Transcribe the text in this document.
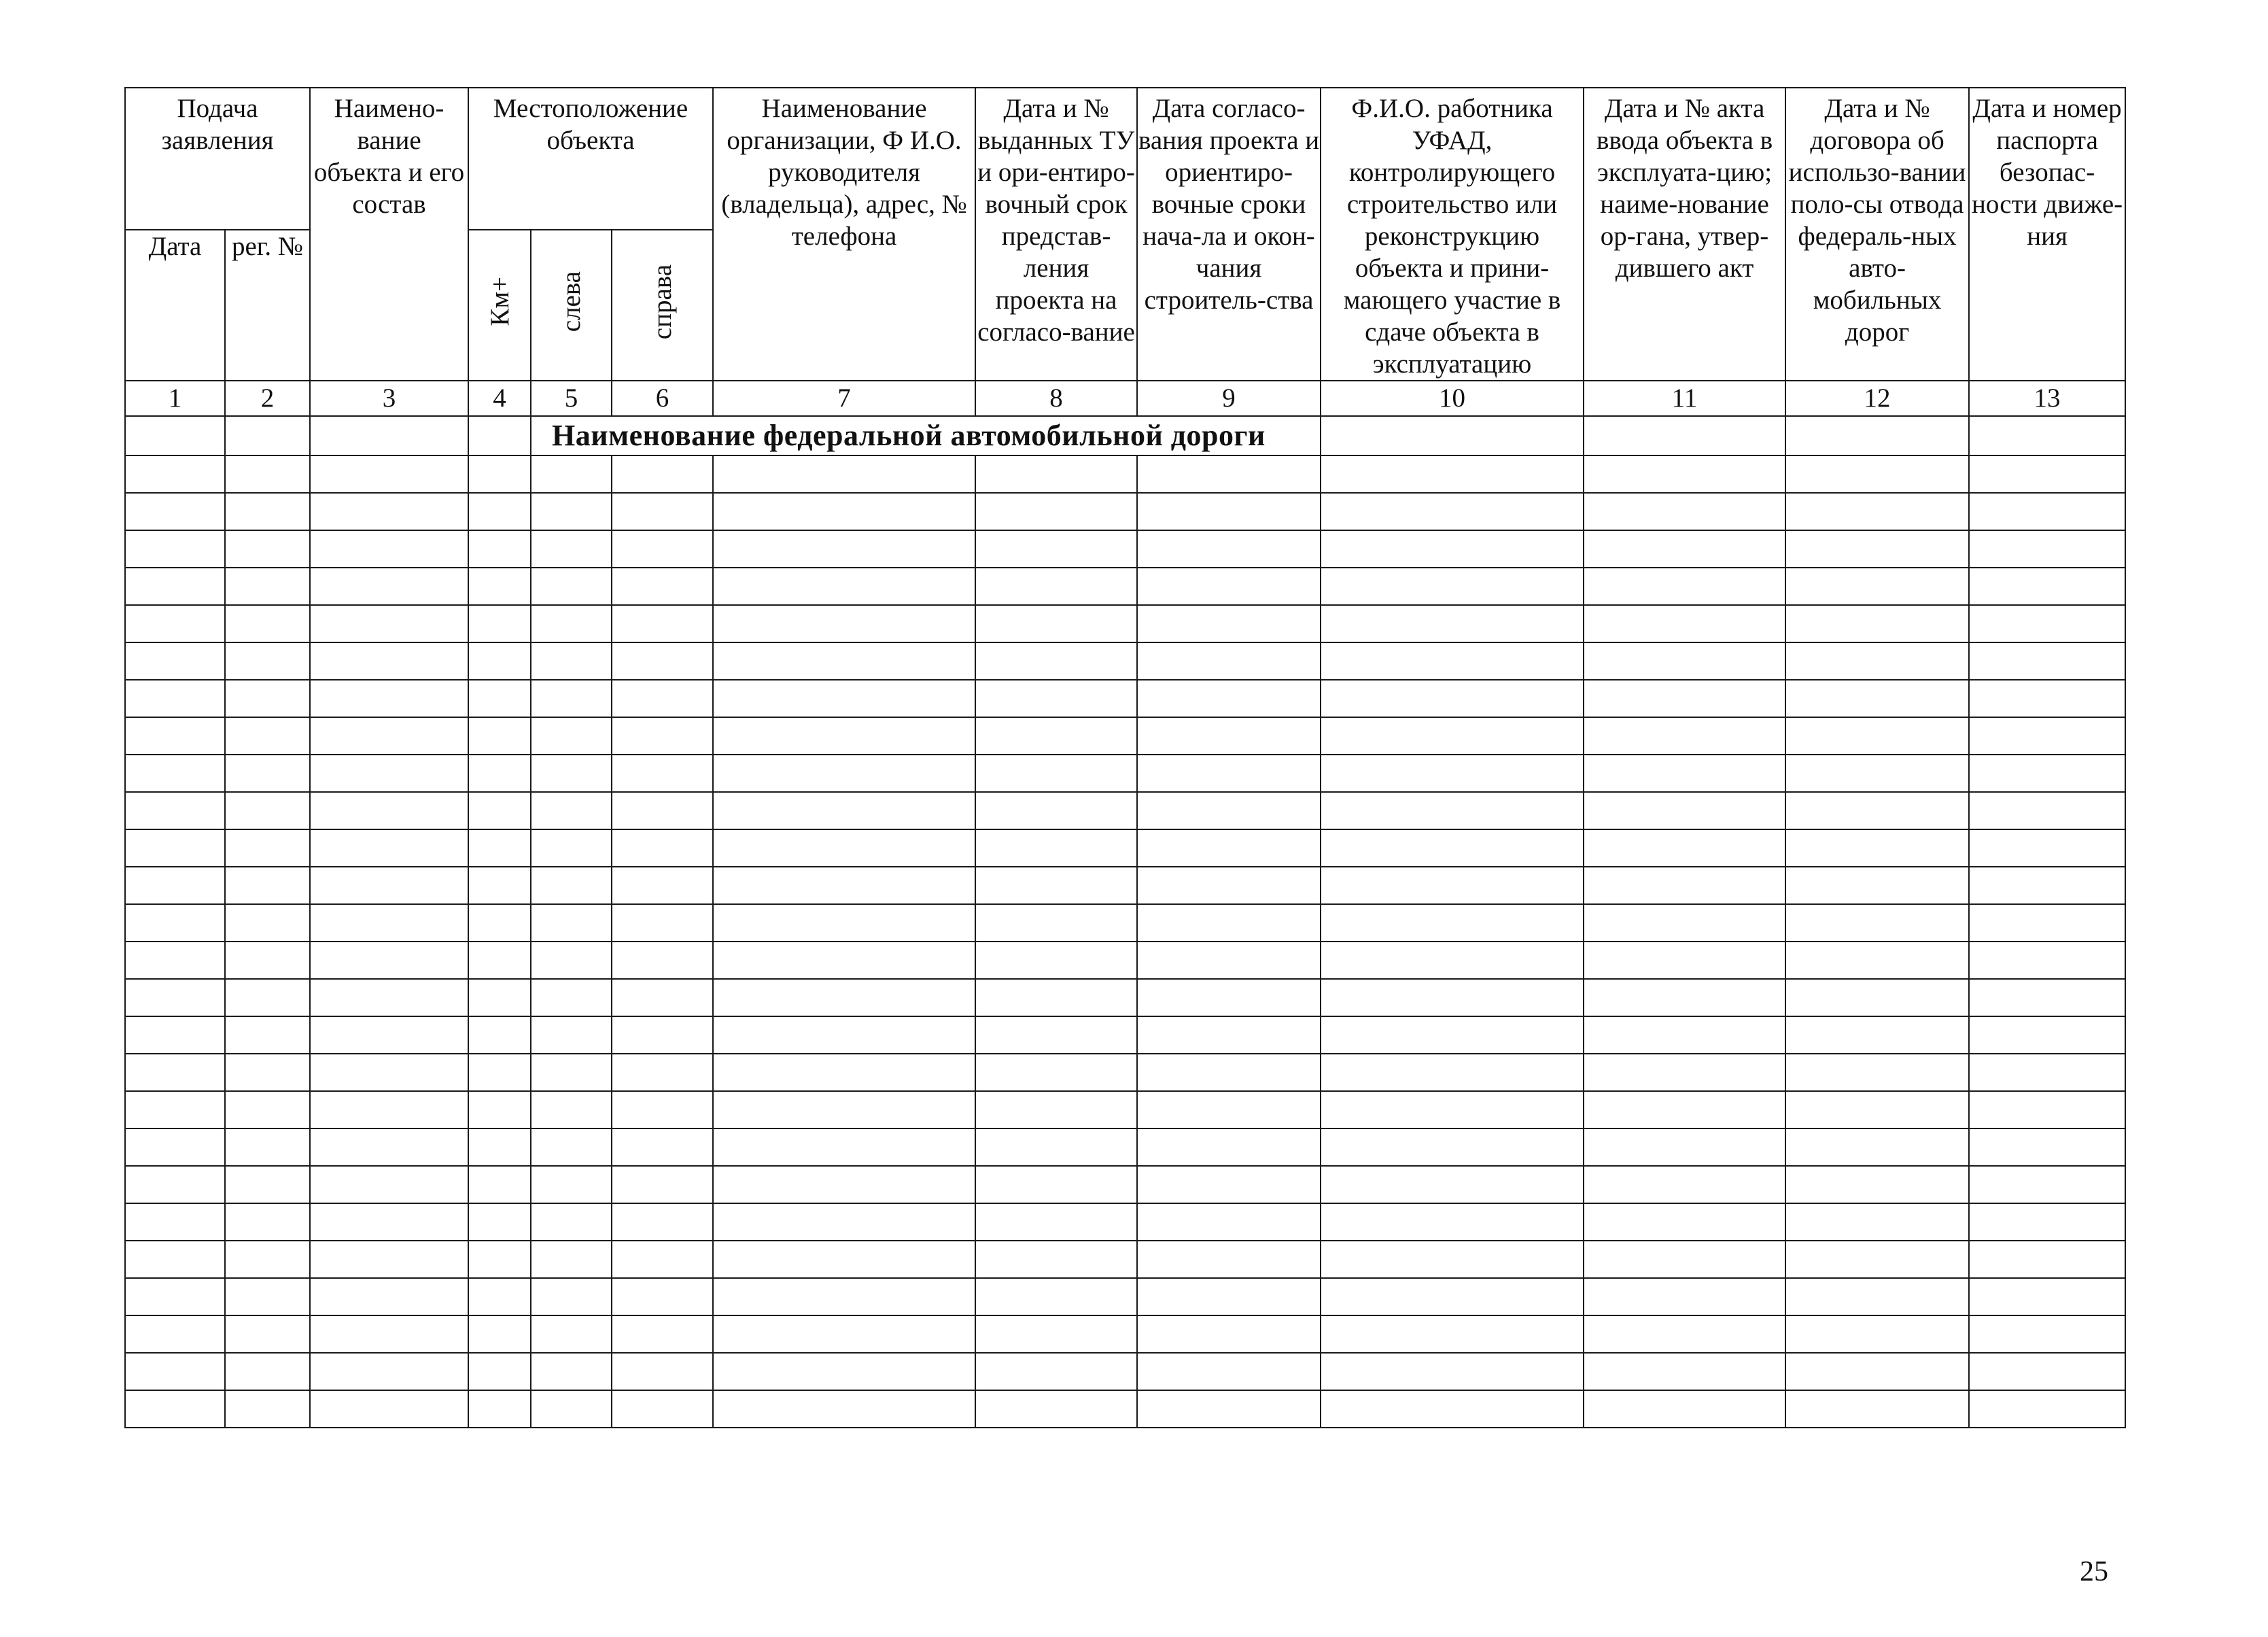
Подача заявления		Наимено-вание объекта и его состав	Местоположение объекта			Наименование организации, Ф И.О. руководителя (владельца), адрес, № телефона	Дата и № выданных ТУ и ори-ентиро-вочный срок представ-ления проекта на согласо-вание	Дата согласо-вания проекта и ориентиро-вочные сроки нача-ла и окон-чания строитель-ства	Ф.И.О. работника УФАД, контролирующего строительство или реконструкцию объекта и прини-мающего участие в сдаче объекта в эксплуатацию	Дата и № акта ввода объекта в эксплуата-цию; наиме-нование ор-гана, утвер-дившего акт	Дата и № договора об использо-вании поло-сы отвода федераль-ных авто-мобильных дорог	Дата и номер паспорта безопас-ности движе-ния
Дата	рег. №		Км+	слева	справа							
1	2	3	4	5	6	7	8	9	10	11	12	13
				Наименование федеральной автомобильной дороги								

25
